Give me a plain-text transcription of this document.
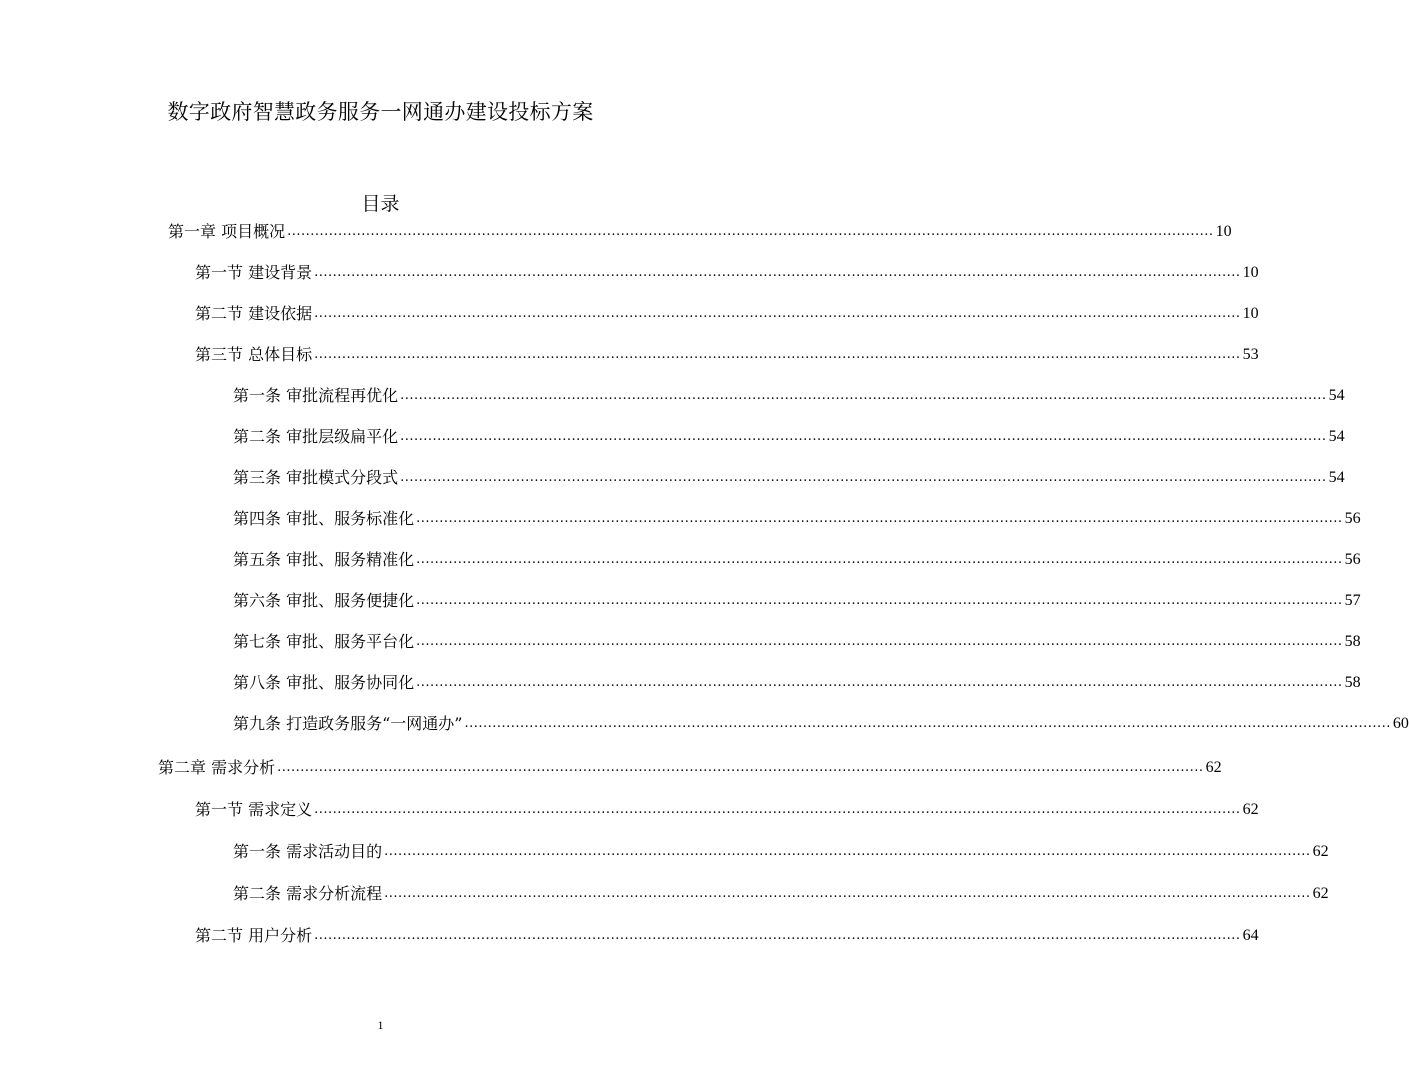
数字政府智慧政务服务一网通办建设投标方案
目录
第一章 项目概况 ........................................................................................................................................................................................................ 10
第一节 建设背景 ........................................................................................................................................................................................................ 10
第二节 建设依据 ........................................................................................................................................................................................................ 10
第三节 总体目标 ........................................................................................................................................................................................................ 53
第一条 审批流程再优化 ........................................................................................................................................................................................................ 54
第二条 审批层级扁平化 ........................................................................................................................................................................................................ 54
第三条 审批模式分段式 ........................................................................................................................................................................................................ 54
第四条 审批、服务标准化 ........................................................................................................................................................................................................ 56
第五条 审批、服务精准化 ........................................................................................................................................................................................................ 56
第六条 审批、服务便捷化 ........................................................................................................................................................................................................ 57
第七条 审批、服务平台化 ........................................................................................................................................................................................................ 58
第八条 审批、服务协同化 ........................................................................................................................................................................................................ 58
第九条 打造政务服务“一网通办” ........................................................................................................................................................................................................ 60
第二章 需求分析 ........................................................................................................................................................................................................ 62
第一节 需求定义 ........................................................................................................................................................................................................ 62
第一条 需求活动目的 ........................................................................................................................................................................................................ 62
第二条 需求分析流程 ........................................................................................................................................................................................................ 62
第二节 用户分析 ........................................................................................................................................................................................................ 64
1
